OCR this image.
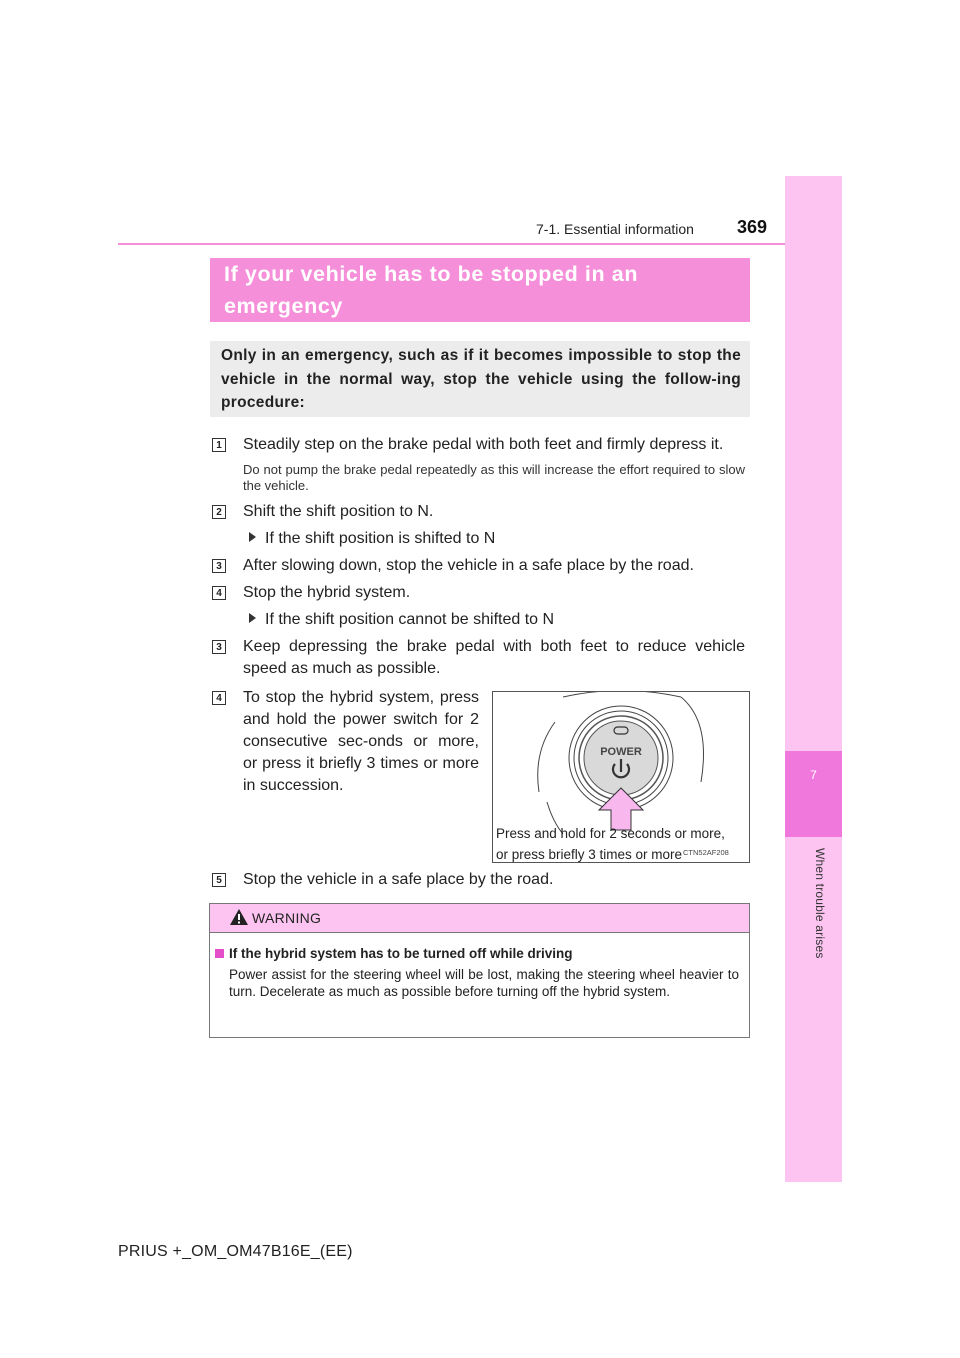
7-1. Essential information 369
7
When trouble arises
If your vehicle has to be stopped in an
emergency
Only in an emergency, such as if it becomes impossible to stop the vehicle in the normal way, stop the vehicle using the follow-ing procedure:
1 Steadily step on the brake pedal with both feet and firmly depress it.
Do not pump the brake pedal repeatedly as this will increase the effort required to slow the vehicle.
2 Shift the shift position to N.
If the shift position is shifted to N
3 After slowing down, stop the vehicle in a safe place by the road.
4 Stop the hybrid system.
If the shift position cannot be shifted to N
3 Keep depressing the brake pedal with both feet to reduce vehicle speed as much as possible.
4 To stop the hybrid system, press and hold the power switch for 2 consecutive sec-onds or more, or press it briefly 3 times or more in succession.
POWER
Press and hold for 2 seconds or more,
or press briefly 3 times or more CTN52AF208
5 Stop the vehicle in a safe place by the road.
WARNING
If the hybrid system has to be turned off while driving
Power assist for the steering wheel will be lost, making the steering wheel heavier to turn. Decelerate as much as possible before turning off the hybrid system.
PRIUS +_OM_OM47B16E_(EE)
